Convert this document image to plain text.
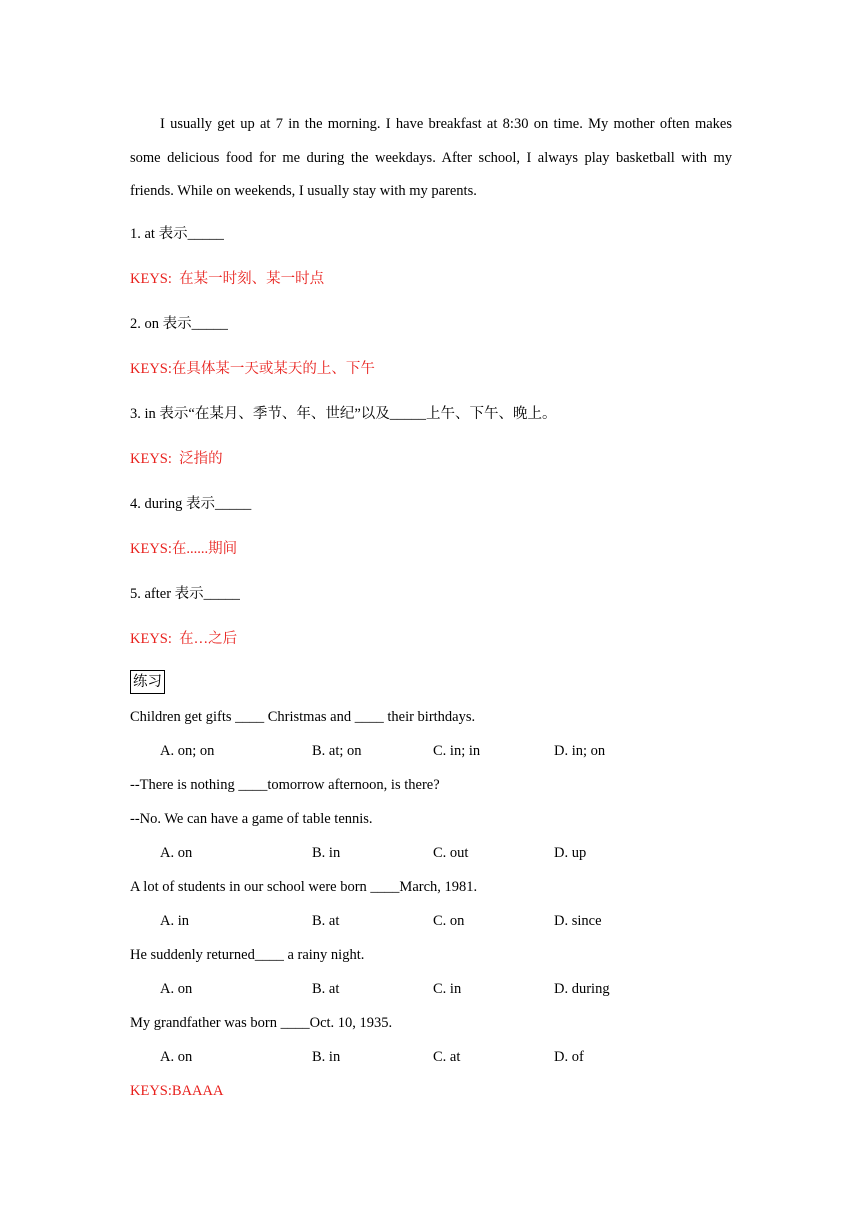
I usually get up at 7 in the morning. I have breakfast at 8:30 on time. My mother often makes some delicious food for me during the weekdays. After school, I always play basketball with my friends. While on weekends, I usually stay with my parents.

1. at 表示_____

KEYS:  在某一时刻、某一时点

2. on 表示_____

KEYS:在具体某一天或某天的上、下午

3. in 表示“在某月、季节、年、世纪”以及_____上午、下午、晚上。

KEYS:  泛指的

4. during 表示_____

KEYS:在......期间

5. after 表示_____

KEYS:  在…之后

练习

Children get gifts ____ Christmas and ____ their birthdays.

A. on; on	B. at; on	C. in; in	D. in; on

--There is nothing ____tomorrow afternoon, is there?

--No. We can have a game of table tennis.

A. on	B. in	C. out	D. up

A lot of students in our school were born ____March, 1981.

A. in	B. at	C. on	D. since

He suddenly returned____ a rainy night.

A. on	B. at	C. in	D. during

My grandfather was born ____Oct. 10, 1935.

A. on	B. in	C. at	D. of

KEYS:BAAAA
